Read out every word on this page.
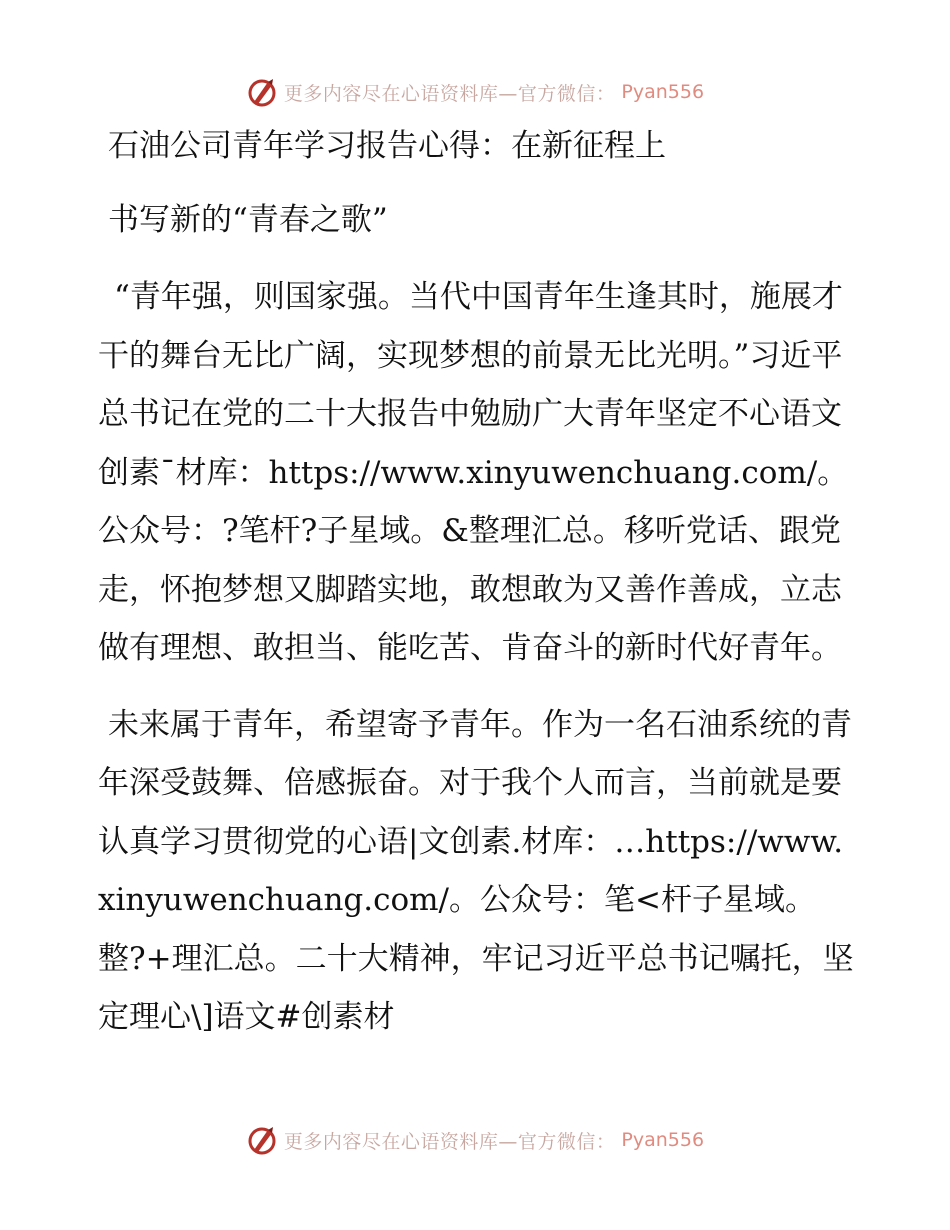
更多内容尽在心语资料库—官方微信： Pyan556
石油公司青年学习报告心得：在新征程上
书写新的“青春之歌”

“青年强，则国家强。当代中国青年生逢其时，施展才干的舞台无比广阔，实现梦想的前景无比光明。”习近平总书记在党的二十大报告中勉励广大青年坚定不心语文创素¯材库：https://www.xinyuwenchuang.com/。公众号：?笔杆?子星域。&整理汇总。移听党话、跟党走，怀抱梦想又脚踏实地，敢想敢为又善作善成，立志做有理想、敢担当、能吃苦、肯奋斗的新时代好青年。

未来属于青年，希望寄予青年。作为一名石油系统的青年深受鼓舞、倍感振奋。对于我个人而言，当前就是要认真学习贯彻党的心语|文创素.材库：…https://www.xinyuwenchuang.com/。公众号：笔<杆子星域。整?+理汇总。二十大精神，牢记习近平总书记嘱托，坚定理心\]语文#创素材

更多内容尽在心语资料库—官方微信： Pyan556
